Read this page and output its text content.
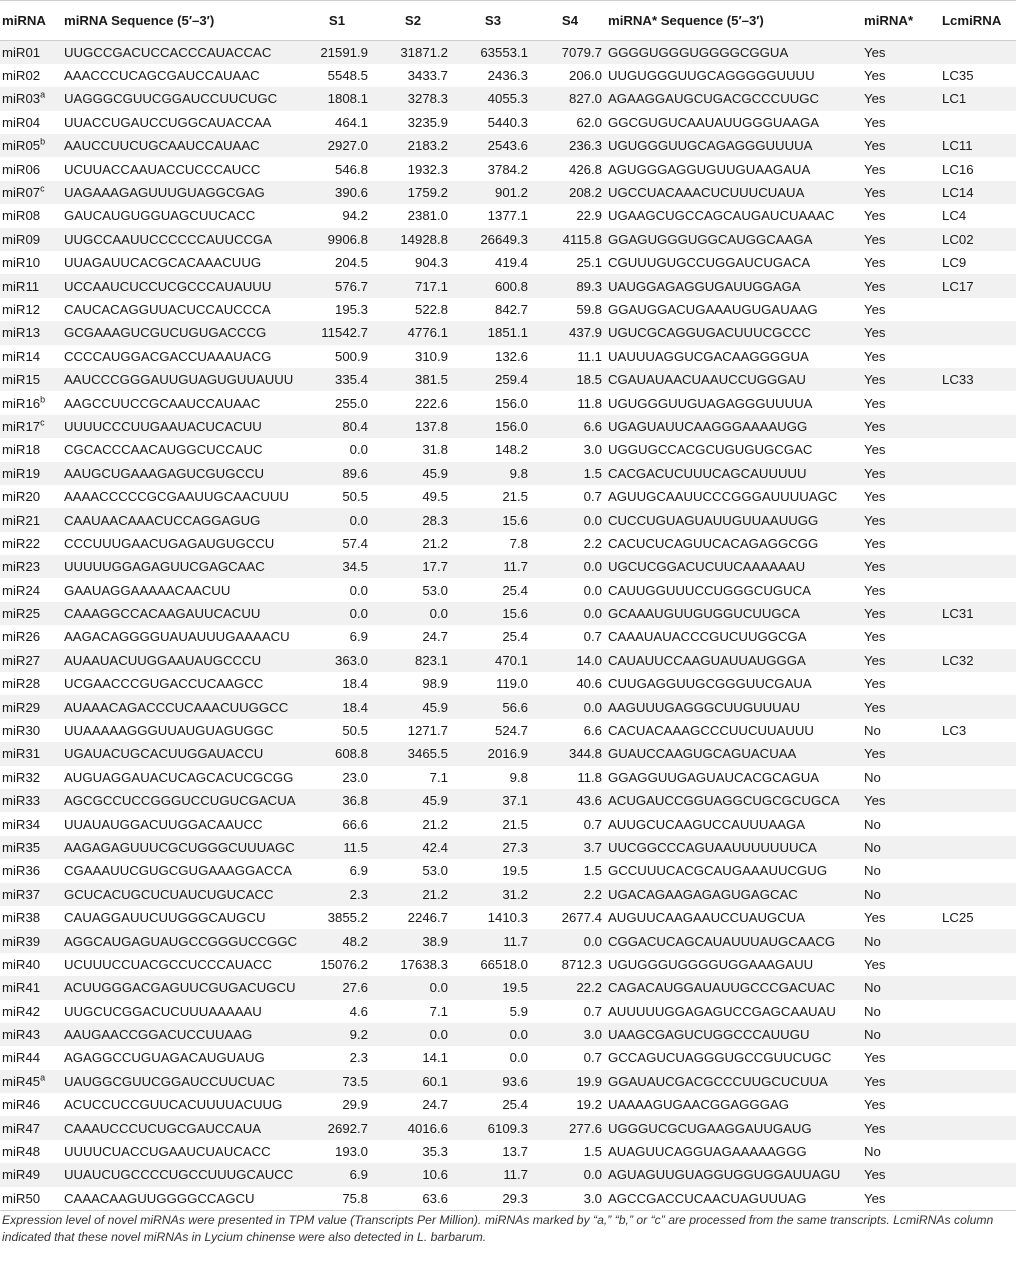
miRNA	miRNA Sequence (5′–3′)	S1	S2	S3	S4	miRNA* Sequence (5′–3′)	miRNA*	LcmiRNA
miR01	UUGCCGACUCCACCCAUACCAC	21591.9	31871.2	63553.1	7079.7	GGGGUGGGUGGGGCGGUA	Yes	
miR02	AAACCCUCAGCGAUCCAUAAC	5548.5	3433.7	2436.3	206.0	UUGUGGGUUGCAGGGGGUUUU	Yes	LC35
miR03$^a$	UAGGGCGUUCGGAUCCUUCUGC	1808.1	3278.3	4055.3	827.0	AGAAGGAUGCUGACGCCCUUGC	Yes	LC1
miR04	UUACCUGAUCCUGGCAUACCAA	464.1	3235.9	5440.3	62.0	GGCGUGUCAAUAUUGGGUAAGA	Yes	
miR05$^b$	AAUCCUUCUGCAAUCCAUAAC	2927.0	2183.2	2543.6	236.3	UGUGGGUUGCAGAGGGUUUUA	Yes	LC11
miR06	UCUUACCAAUACCUCCCAUCC	546.8	1932.3	3784.2	426.8	AGUGGGAGGUGUUGUAAGAUA	Yes	LC16
miR07$^c$	UAGAAAGAGUUUGUAGGCGAG	390.6	1759.2	901.2	208.2	UGCCUACAAACUCUUUCUAUA	Yes	LC14
miR08	GAUCAUGUGGUAGCUUCACC	94.2	2381.0	1377.1	22.9	UGAAGCUGCCAGCAUGAUCUAAAC	Yes	LC4
miR09	UUGCCAAUUCCCCCCAUUCCGA	9906.8	14928.8	26649.3	4115.8	GGAGUGGGUGGCAUGGCAAGA	Yes	LC02
miR10	UUAGAUUCACGCACAAACUUG	204.5	904.3	419.4	25.1	CGUUUGUGCCUGGAUCUGACA	Yes	LC9
miR11	UCCAAUCUCCUCGCCCAUAUUU	576.7	717.1	600.8	89.3	UAUGGAGAGGUGAUUGGAGA	Yes	LC17
miR12	CAUCACAGGUUACUCCAUCCCA	195.3	522.8	842.7	59.8	GGAUGGACUGAAAUGUGAUAAG	Yes	
miR13	GCGAAAGUCGUCUGUGACCCG	11542.7	4776.1	1851.1	437.9	UGUCGCAGGUGACUUUCGCCC	Yes	
miR14	CCCCAUGGACGACCUAAAUACG	500.9	310.9	132.6	11.1	UAUUUAGGUCGACAAGGGGUA	Yes	
miR15	AAUCCCGGGAUUGUAGUGUUAUUU	335.4	381.5	259.4	18.5	CGAUAUAACUAAUCCUGGGAU	Yes	LC33
miR16$^b$	AAGCCUUCCGCAAUCCAUAAC	255.0	222.6	156.0	11.8	UGUGGGUUGUAGAGGGUUUUA	Yes	
miR17$^c$	UUUUCCCUUGAAUACUCACUU	80.4	137.8	156.0	6.6	UGAGUAUUCAAGGGAAAAUGG	Yes	
miR18	CGCACCCAACAUGGCUCCAUC	0.0	31.8	148.2	3.0	UGGUGCCACGCUGUGUGCGAC	Yes	
miR19	AAUGCUGAAAGAGUCGUGCCU	89.6	45.9	9.8	1.5	CACGACUCUUUCAGCAUUUUU	Yes	
miR20	AAAACCCCCGCGAAUUGCAACUUU	50.5	49.5	21.5	0.7	AGUUGCAAUUCCCGGGAUUUUAGC	Yes	
miR21	CAAUAACAAACUCCAGGAGUG	0.0	28.3	15.6	0.0	CUCCUGUAGUAUUGUUAAUUGG	Yes	
miR22	CCCUUUGAACUGAGAUGUGCCU	57.4	21.2	7.8	2.2	CACUCUCAGUUCACAGAGGCGG	Yes	
miR23	UUUUUGGAGAGUUCGAGCAAC	34.5	17.7	11.7	0.0	UGCUCGGACUCUUCAAAAAAU	Yes	
miR24	GAAUAGGAAAAACAACUU	0.0	53.0	25.4	0.0	CAUUGGUUUCCUGGGCUGUCA	Yes	
miR25	CAAAGGCCACAAGAUUCACUU	0.0	0.0	15.6	0.0	GCAAAUGUUGUGGUCUUGCA	Yes	LC31
miR26	AAGACAGGGGUAUAUUUGAAAACU	6.9	24.7	25.4	0.7	CAAAUAUACCCGUCUUGGCGA	Yes	
miR27	AUAAUACUUGGAAUAUGCCCU	363.0	823.1	470.1	14.0	CAUAUUCCAAGUAUUAUGGGA	Yes	LC32
miR28	UCGAACCCGUGACCUCAAGCC	18.4	98.9	119.0	40.6	CUUGAGGUUGCGGGUUCGAUA	Yes	
miR29	AUAAACAGACCCUCAAACUUGGCC	18.4	45.9	56.6	0.0	AAGUUUGAGGGCUUGUUUAU	Yes	
miR30	UUAAAAAGGGUUAUGUAGUGGC	50.5	1271.7	524.7	6.6	CACUACAAAGCCCUUCUUAUUU	No	LC3
miR31	UGAUACUGCACUUGGAUACCU	608.8	3465.5	2016.9	344.8	GUAUCCAAGUGCAGUACUAA	Yes	
miR32	AUGUAGGAUACUCAGCACUCGCGG	23.0	7.1	9.8	11.8	GGAGGUUGAGUAUCACGCAGUA	No	
miR33	AGCGCCUCCGGGUCCUGUCGACUA	36.8	45.9	37.1	43.6	ACUGAUCCGGUAGGCUGCGCUGCA	Yes	
miR34	UUAUAUGGACUUGGACAAUCC	66.6	21.2	21.5	0.7	AUUGCUCAAGUCCAUUUAAGA	No	
miR35	AAGAGAGUUUCGCUGGGCUUUAGC	11.5	42.4	27.3	3.7	UUCGGCCCAGUAAUUUUUUUCA	No	
miR36	CGAAAUUCGUGCGUGAAAGGACCA	6.9	53.0	19.5	1.5	GCCUUUCACGCAUGAAAUUCGUG	No	
miR37	GCUCACUGCUCUAUCUGUCACC	2.3	21.2	31.2	2.2	UGACAGAAGAGAGUGAGCAC	No	
miR38	CAUAGGAUUCUUGGGCAUGCU	3855.2	2246.7	1410.3	2677.4	AUGUUCAAGAAUCCUAUGCUA	Yes	LC25
miR39	AGGCAUGAGUAUGCCGGGUCCGGC	48.2	38.9	11.7	0.0	CGGACUCAGCAUAUUUAUGCAACG	No	
miR40	UCUUUCCUACGCCUCCCAUACC	15076.2	17638.3	66518.0	8712.3	UGUGGGUGGGGUGGAAAGAUU	Yes	
miR41	ACUUGGGACGAGUUCGUGACUGCU	27.6	0.0	19.5	22.2	CAGACAUGGAUAUUGCCCGACUAC	No	
miR42	UUGCUCGGACUCUUUAAAAAU	4.6	7.1	5.9	0.7	AUUUUUGGAGAGUCCGAGCAAUAU	No	
miR43	AAUGAACCGGACUCCUUAAG	9.2	0.0	0.0	3.0	UAAGCGAGUCUGGCCCAUUGU	No	
miR44	AGAGGCCUGUAGACAUGUAUG	2.3	14.1	0.0	0.7	GCCAGUCUAGGGUGCCGUUCUGC	Yes	
miR45$^a$	UAUGGCGUUCGGAUCCUUCUAC	73.5	60.1	93.6	19.9	GGAUAUCGACGCCCUUGCUCUUA	Yes	
miR46	ACUCCUCCGUUCACUUUUACUUG	29.9	24.7	25.4	19.2	UAAAAGUGAACGGAGGGAG	Yes	
miR47	CAAAUCCCUCUGCGAUCCAUA	2692.7	4016.6	6109.3	277.6	UGGGUCGCUGAAGGAUUGAUG	Yes	
miR48	UUUUCUACCUGAAUCUAUCACC	193.0	35.3	13.7	1.5	AUAGUUCAGGUAGAAAAAGGG	No	
miR49	UUAUCUGCCCCUGCCUUUGCAUCC	6.9	10.6	11.7	0.0	AGUAGUUGUAGGUGGUGGAUUAGU	Yes	
miR50	CAAACAAGUUGGGGCCAGCU	75.8	63.6	29.3	3.0	AGCCGACCUCAACUAGUUUAG	Yes	
Expression level of novel miRNAs were presented in TPM value (Transcripts Per Million). miRNAs marked by “a,” “b,” or “c” are processed from the same transcripts. LcmiRNAs column indicated that these novel miRNAs in Lycium chinense were also detected in L. barbarum.
